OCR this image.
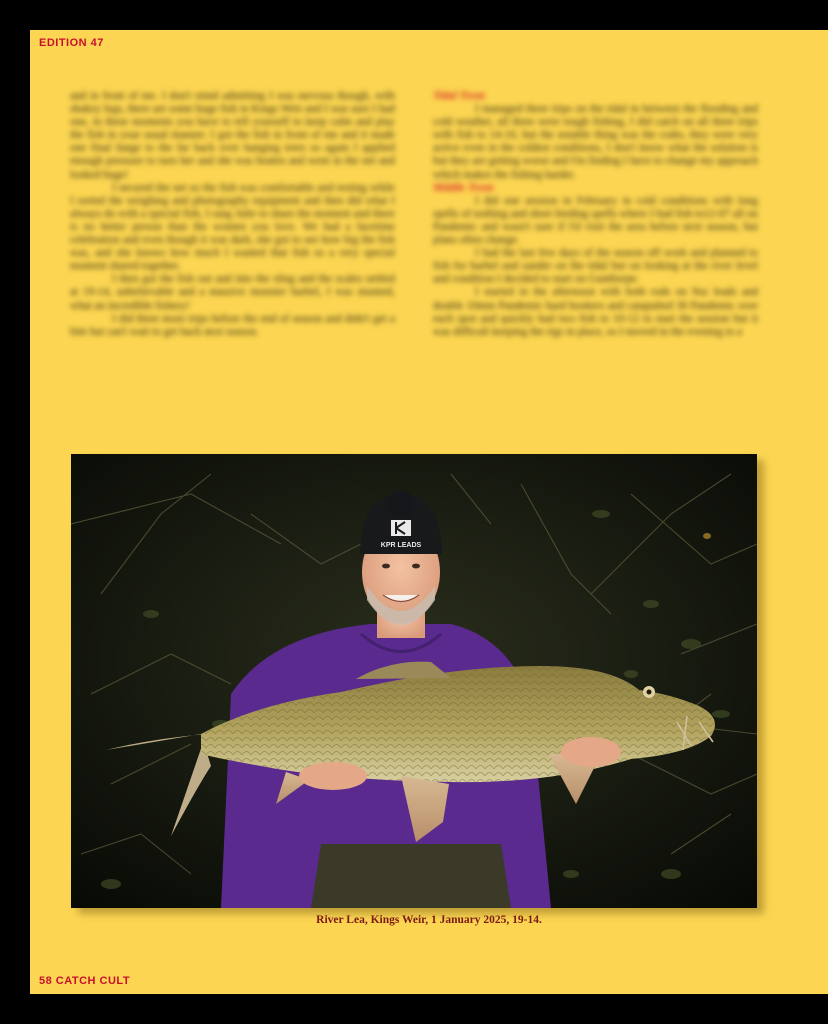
EDITION 47

and in front of me. I don't mind admitting I was nervous though, with shakey legs, there are some huge fish in Kings Weir and I was sure I had one, in these moments you have to tell yourself to keep calm and play the fish in your usual manner. I got the fish in front of me and it made one final lunge to the far back over hanging trees so again I applied enough pressure to turn her and she was beaten and went in the net and looked huge!

I secured the net so the fish was comfortable and resting while I sorted the weighing and photography equipment and then did what I always do with a special fish, I rang Julie to share the moment and there is no better person than the women you love. We had a facetime celebration and even though it was dark, she got to see how big the fish was, and she knows how much I wanted that fish so a very special moment shared together.

I then got the fish out and into the sling and the scales settled at 19-14, unbelievable and a massive monster barbel, I was stunned, what an incredible fishery!

I did three more trips before the end of season and didn't get a bite but can't wait to get back next season.

Tidal Trent

I managed three trips on the tidal in between the flooding and cold weather, all three were tough fishing, I did catch on all three trips with fish to 14-10, but the notable thing was the crabs, they were very active even in the coldest conditions, I don't know what the solution is but they are getting worse and I'm finding I have to change my approach which makes the fishing harder.

Middle Trent

I did one session in February in cold conditions with long spells of nothing and short feeding spells where I had fish to12-07 all on Pandemic and wasn't sure if I'd visit the area before next season, but plans often change.

I had the last few days of the season off work and planned to fish for barbel and zander on the tidal but on looking at the river level and condition I decided to start on Gunthorpe.

I started in the afternoon with both rods on 9oz leads and double 10mm Pandemic hard hookers and catapulted 30 Pandemic over each spot and quickly had two fish to 10-12 to start the session but it was difficult keeping the rigs in place, so I moved in the evening to a

KPR LEADS
River Lea, Kings Weir, 1 January 2025, 19-14.
58 CATCH CULT
